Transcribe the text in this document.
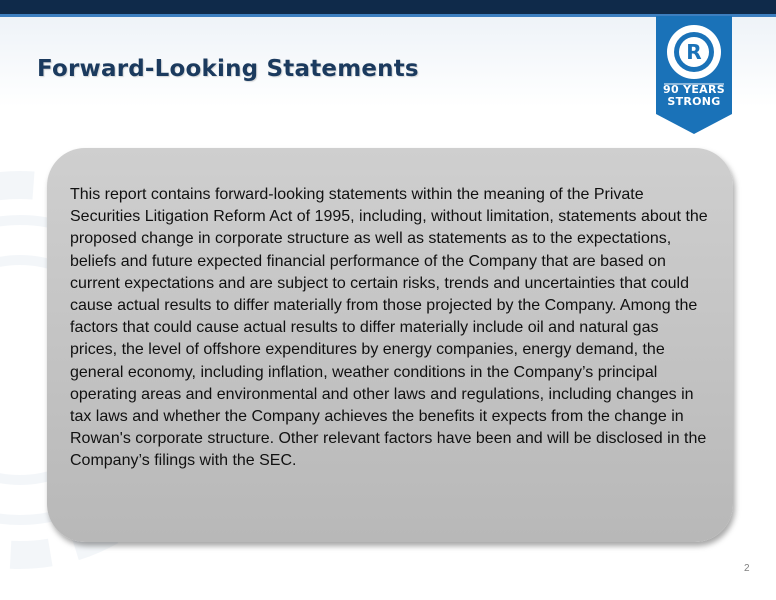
Forward-Looking Statements
R
90 YEARS
STRONG

This report contains forward-looking statements within the meaning of the Private Securities Litigation Reform Act of 1995, including, without limitation, statements about the proposed change in corporate structure as well as statements as to the expectations, beliefs and future expected financial performance of the Company that are based on current expectations and are subject to certain risks, trends and uncertainties that could cause actual results to differ materially from those projected by the Company. Among the factors that could cause actual results to differ materially include oil and natural gas prices, the level of offshore expenditures by energy companies, energy demand, the general economy, including inflation, weather conditions in the Company’s principal operating areas and environmental and other laws and regulations, including changes in tax laws and whether the Company achieves the benefits it expects from the change in Rowan's corporate structure. Other relevant factors have been and will be disclosed in the Company’s filings with the SEC.

2
